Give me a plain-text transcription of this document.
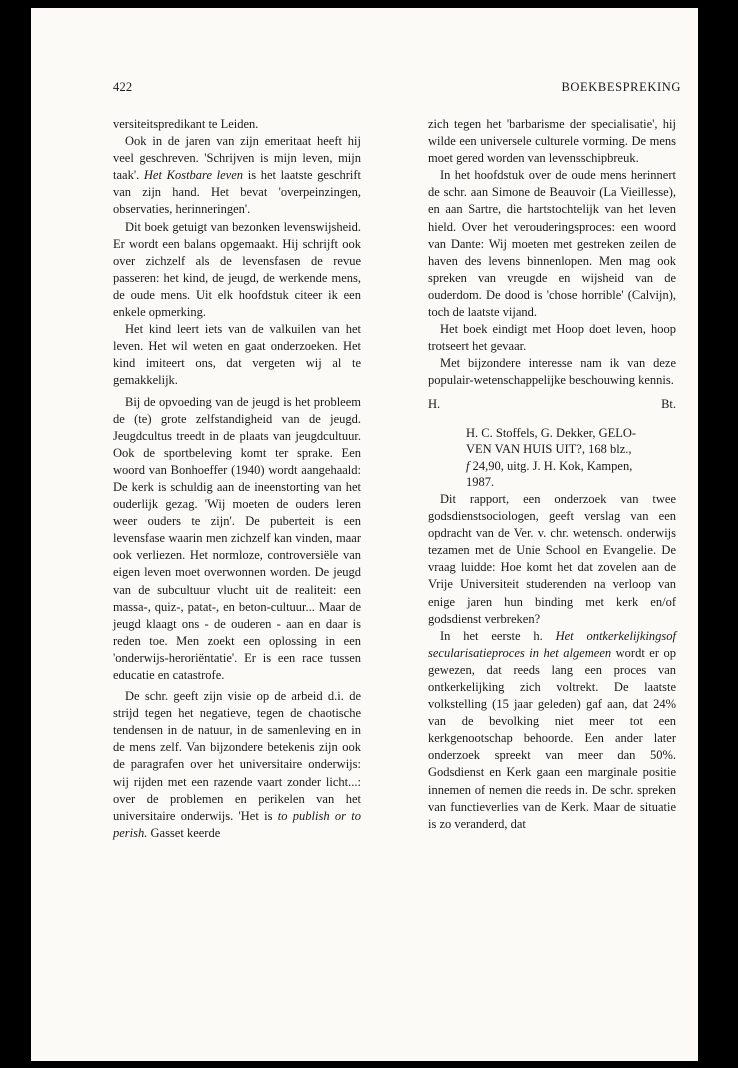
422	BOEKBESPREKING

versiteitspredikant te Leiden.

Ook in de jaren van zijn emeritaat heeft hij veel geschreven. 'Schrijven is mijn leven, mijn taak'. Het Kostbare leven is het laatste geschrift van zijn hand. Het bevat 'overpeinzingen, observaties, herinneringen'.

Dit boek getuigt van bezonken levenswijsheid. Er wordt een balans opgemaakt. Hij schrijft ook over zichzelf als de levensfasen de revue passeren: het kind, de jeugd, de werkende mens, de oude mens. Uit elk hoofdstuk citeer ik een enkele opmerking.

Het kind leert iets van de valkuilen van het leven. Het wil weten en gaat onderzoeken. Het kind imiteert ons, dat vergeten wij al te gemakkelijk.

Bij de opvoeding van de jeugd is het probleem de (te) grote zelfstandigheid van de jeugd. Jeugdcultus treedt in de plaats van jeugdcultuur. Ook de sportbeleving komt ter sprake. Een woord van Bonhoeffer (1940) wordt aangehaald: De kerk is schuldig aan de ineenstorting van het ouderlijk gezag. 'Wij moeten de ouders leren weer ouders te zijn'. De puberteit is een levensfase waarin men zichzelf kan vinden, maar ook verliezen. Het normloze, controversiële van eigen leven moet overwonnen worden. De jeugd van de subcultuur vlucht uit de realiteit: een massa-, quiz-, patat-, en beton-cultuur... Maar de jeugd klaagt ons - de ouderen - aan en daar is reden toe. Men zoekt een oplossing in een 'onderwijs-heroriëntatie'. Er is een race tussen educatie en catastrofe.

De schr. geeft zijn visie op de arbeid d.i. de strijd tegen het negatieve, tegen de chaotische tendensen in de natuur, in de samenleving en in de mens zelf. Van bijzondere betekenis zijn ook de paragrafen over het universitaire onderwijs: wij rijden met een razende vaart zonder licht...: over de problemen en perikelen van het universitaire onderwijs. 'Het is to publish or to perish. Gasset keerde

zich tegen het 'barbarisme der specialisatie', hij wilde een universele culturele vorming. De mens moet gered worden van levensschipbreuk.

In het hoofdstuk over de oude mens herinnert de schr. aan Simone de Beauvoir (La Vieillesse), en aan Sartre, die hartstochtelijk van het leven hield. Over het verouderingsproces: een woord van Dante: Wij moeten met gestreken zeilen de haven des levens binnenlopen. Men mag ook spreken van vreugde en wijsheid van de ouderdom. De dood is 'chose horrible' (Calvijn), toch de laatste vijand.

Het boek eindigt met Hoop doet leven, hoop trotseert het gevaar.

Met bijzondere interesse nam ik van deze populair-wetenschappelijke beschouwing kennis.

H.	Bt.
H. C. Stoffels, G. Dekker, GELO-
VEN VAN HUIS UIT?, 168 blz.,
f 24,90, uitg. J. H. Kok, Kampen,
1987.

Dit rapport, een onderzoek van twee godsdienstsociologen, geeft verslag van een opdracht van de Ver. v. chr. wetensch. onderwijs tezamen met de Unie School en Evangelie. De vraag luidde: Hoe komt het dat zovelen aan de Vrije Universiteit studerenden na verloop van enige jaren hun binding met kerk en/of godsdienst verbreken?

In het eerste h. Het ontkerkelijkingsof secularisatieproces in het algemeen wordt er op gewezen, dat reeds lang een proces van ontkerkelijking zich voltrekt. De laatste volkstelling (15 jaar geleden) gaf aan, dat 24% van de bevolking niet meer tot een kerkgenootschap behoorde. Een ander later onderzoek spreekt van meer dan 50%. Godsdienst en Kerk gaan een marginale positie innemen of nemen die reeds in. De schr. spreken van functieverlies van de Kerk. Maar de situatie is zo veranderd, dat
